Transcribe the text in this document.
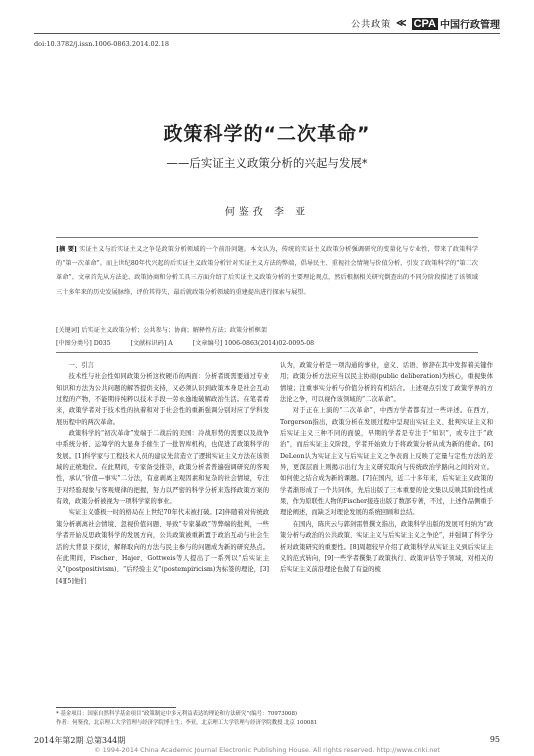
公共政策 ≪ CPA 中国行政管理
doi:10.3782/j.issn.1006-0863.2014.02.18
政策科学的“二次革命”
——后实证主义政策分析的兴起与发展*
何鉴孜 李 亚
[摘 要] 实证主义与后实证主义之争是政策分析领域的一个前沿问题。本文认为，传统的实证主义政策分析强调研究的变量化与专业性，带来了政策科学的“第一次革命”。而上世纪80年代兴起的后实证主义政策分析针对实证主义方法的弊端，倡导民主、重视社会情境与价值分析，引发了政策科学的“第二次革命”。文章首先从方法论、政策协商和分析工具三方面介绍了后实证主义政策分析的主要理论观点，然后根据相关研究倒查出的不同分阶段描述了该领域三十多年来的历史发展脉络，评价其得失，最后就政策分析领域的重建提出进行探索与展望。
[关键词] 后实证主义政策分析；公共参与；协商；解释性方法；政策分析框架
[中图分类号] D035	[文献标识码] A	[文章编号] 1006-0863(2014)02-0095-08

一、引言

技术性与社会性如同政策分析这枚硬币的两面：分析者既需要通过专业知识和方法为公共问题的解答提供支持，又必须认识到政策本身是社会互动过程的产物，不能期待纯粹以技术手段一劳永逸地破解政治生活。在笔者看来，政策学者对于技术性的执着和对于社会性的重新强调分别对应了学科发展历程中的两次革命。

政策科学的“初次革命”发端于二战后的美国：冷战形势的需要以及战争中系统分析、运筹学的大显身手催生了一批智库机构，也促进了政策科学的发展。[1]科学家与工程技术人员的建议先营造立了逻辑实证主义方法在该领域的正统地位。在此期间，专家备受推崇，政策分析者普遍强调研究的客观性，承认“价值—事实”二分法，有意剥离主观因素和复杂的社会情境，专注于对经验现象与客观规律的把握，努力以严密的科学分析来选择政策方案的有效，政策分析被视为一项科学家的事业。

实证主义盛极一时的格局在上世纪70年代末被打破。[2]伴随着对传统政策分析剥离社会情境、忽视价值问题、导致“专家暴政”等弊端的批判，一些学者开始反思政策科学的发展方向，公共政策被重新置于政治互动与社会生活的大背景下探讨，解释取向的方法与民主参与的问题成为新的研究热点。在此期间，Fischer、Hajer、Gottweis等人提出了一系列以“后实证主义”(postpositivism)、“后经验主义”(postempiricism)为标签的理论，[3][4][5]他们

认为，政策分析是一项沟通的事业，意义、话语、修辞在其中发挥着关键作用；政策分析方法应当以民主协商(public deliberation)为核心，重视集体情境；注重事实分析与价值分析的有机结合。上述观点引发了政策学界的方法论之争，可以视作该领域的“二次革命”。

对于正在上演的“二次革命”，中西方学者都有过一些评述。在西方，Torgerson指出，政策分析在发展过程中呈现出实证主义、批判实证主义和后实证主义三种不同的面貌，早期的学者是专注于“知识”，或专注于“政治”，而后实证主义阶段，学者开始致力于将政策分析从成为新的使命。[6] DeLeon认为实证主义与后实证主义之争表面上反映了定量与定性方法的差异，更深层面上则揭示出行为主义研究取向与传统政治学路向之间的对立。如何使之结合成为新的课题。[7]在国内，近二十多年来，后实证主义政策的学者渐形成了一个共同体，先后出版了三本重要的论文集以反映其阶段性成果，作为原联性人物的Fischer接连出版了数部专著，不过，上述作品侧重于理论阐述，而缺乏对理论发展的系统回顾和总结。

在国内，陈庆云与郭剑雷曾撰文指出，政策科学出版的发展可归纳为“政策分析与政治的公共政策、实证主义与后实证主义之争论”，并强调了科学分析对政策研究的重要性。[8]周超较早介绍了政策科学从实证主义到后实证主义的范式转向，[9]一些学者撰集了政策执行、政策评估等子领域，对相关的后实证主义前沿理论也做了有益的梳

* 基金项目：国家自然科学基金项目“政策制定中多元利益表达的理论和方法研究”(编号：70973008)
作者：何鉴孜，北京理工大学管理与经济学院博士生；李亚，北京理工大学管理与经济学院教授 北京 100081
2014年第2期 总第344期	95
© 1994-2014 China Academic Journal Electronic Publishing House. All rights reserved. http://www.cnki.net
